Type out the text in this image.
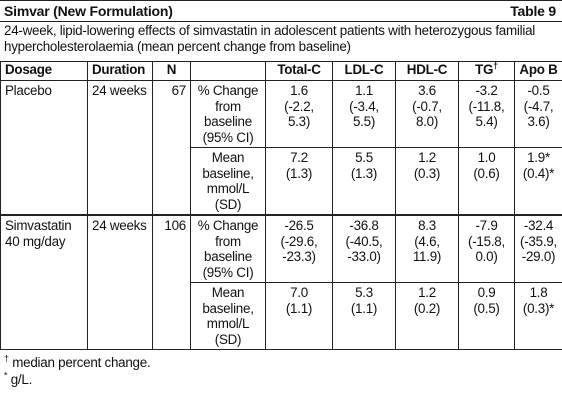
Simvar (New Formulation)	Table 9
24-week, lipid-lowering effects of simvastatin in adolescent patients with heterozygous familial hypercholesterolaemia (mean percent change from baseline)
Dosage	Duration	N		Total-C	LDL-C	HDL-C	TG†	Apo B
Placebo	24 weeks	67	% Change
from
baseline
(95% CI)	1.6
(-2.2,
5.3)	1.1
(-3.4,
5.5)	3.6
(-0.7,
8.0)	-3.2
(-11.8,
5.4)	-0.5
(-4.7,
3.6)
			Mean
baseline,
mmol/L
(SD)	7.2
(1.3)	5.5
(1.3)	1.2
(0.3)	1.0
(0.6)	1.9*
(0.4)*
Simvastatin
40 mg/day	24 weeks	106	% Change
from
baseline
(95% CI)	-26.5
(-29.6,
-23.3)	-36.8
(-40.5,
-33.0)	8.3
(4.6,
11.9)	-7.9
(-15.8,
0.0)	-32.4
(-35.9,
-29.0)
			Mean
baseline,
mmol/L
(SD)	7.0
(1.1)	5.3
(1.1)	1.2
(0.2)	0.9
(0.5)	1.8
(0.3)*
† median percent change.
* g/L.
